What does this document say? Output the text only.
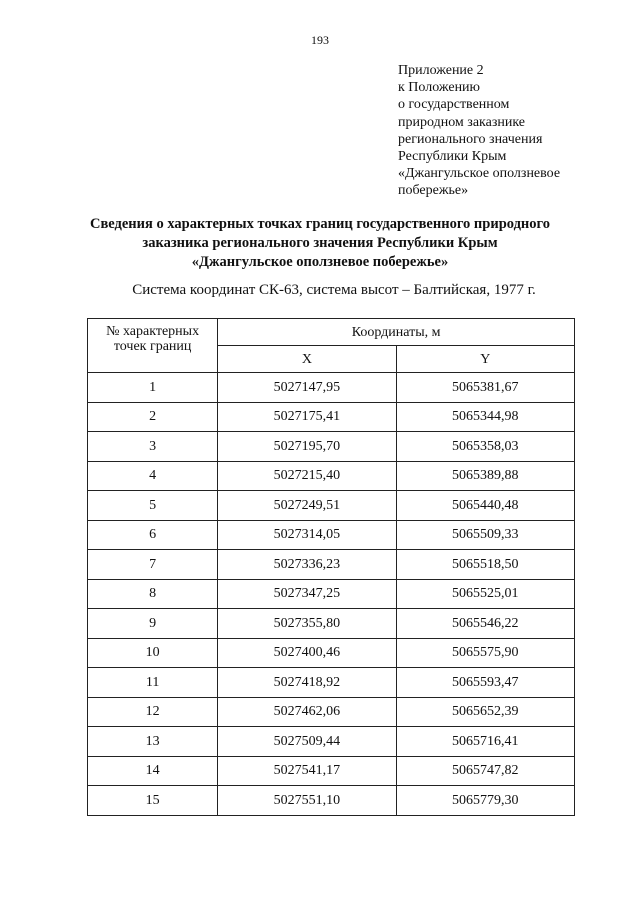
193
Приложение 2
к Положению
о государственном
природном заказнике
регионального значения
Республики Крым
«Джангульское оползневое
побережье»
Сведения о характерных точках границ государственного природного
заказника регионального значения Республики Крым
«Джангульское оползневое побережье»
Система координат СК-63, система высот – Балтийская, 1977 г.
№ характерных
точек границ	Координаты, м	
	X	Y
1	5027147,95	5065381,67
2	5027175,41	5065344,98
3	5027195,70	5065358,03
4	5027215,40	5065389,88
5	5027249,51	5065440,48
6	5027314,05	5065509,33
7	5027336,23	5065518,50
8	5027347,25	5065525,01
9	5027355,80	5065546,22
10	5027400,46	5065575,90
11	5027418,92	5065593,47
12	5027462,06	5065652,39
13	5027509,44	5065716,41
14	5027541,17	5065747,82
15	5027551,10	5065779,30
